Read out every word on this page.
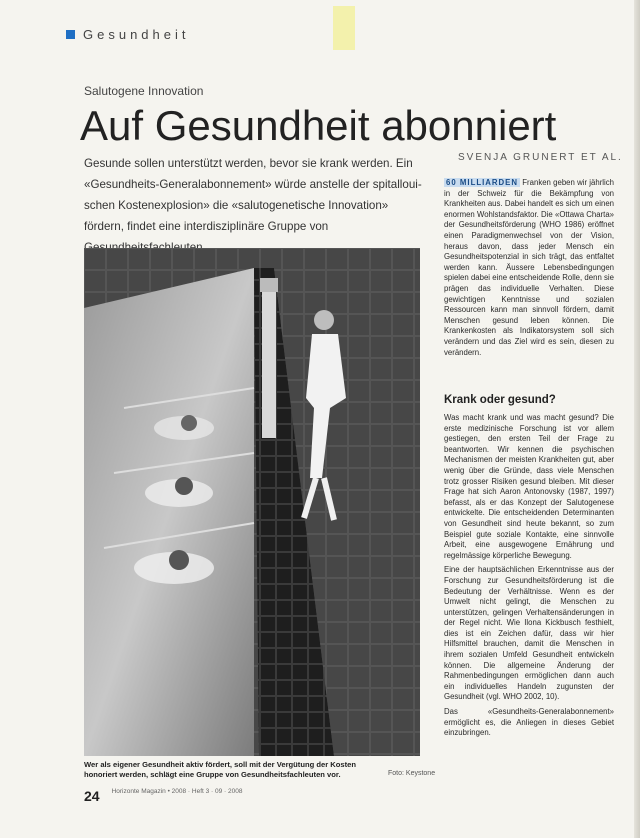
Gesundheit
Salutogene Innovation
Auf Gesundheit abonniert
SVENJA GRUNERT ET AL.
Gesunde sollen unterstützt werden, bevor sie krank werden. Ein «Gesundheits-Generalabonnement» würde anstelle der spitalloui-schen Kostenexplosion» die «salutogenetische Innovation» fördern, findet eine interdisziplinäre Gruppe von
Wer als eigener Gesundheit aktiv fördert, soll mit der Vergütung der Kosten honoriert werden, schlägt eine Gruppe von Gesundheitsfachleuten vor.	Foto: Keystone
24 Horizonte Magazin • 2008 · Heft 3 · 09 · 2008

60 MILLIARDEN Franken geben wir jährlich in der Schweiz für die Bekämpfung von Krankheiten aus. Dabei handelt es sich um einen enormen Wohlstandsfaktor. Die «Ottawa Charta» der Gesundheitsförderung (WHO 1986) eröffnet einen Paradigmenwechsel von der Vision, heraus davon, dass jeder Mensch ein Gesundheitspotenzial in sich trägt, das entfaltet werden kann. Äussere Lebensbedingungen spielen dabei eine entscheidende Rolle, denn sie prägen das individuelle Verhalten. Diese gewichtigen Kenntnisse und sozialen Ressourcen kann man sinnvoll fördern, damit Menschen gesund leben können. Die Krankenkosten als Indikatorsystem soll sich verändern und das Ziel wird es sein, diesen zu verändern.

Krank oder gesund?

Was macht krank und was macht gesund? Die erste medizinische Forschung ist vor allem gestiegen, den ersten Teil der Frage zu beantworten. Wir kennen die psychischen Mechanismen der meisten Krankheiten gut, aber wenig über die Gründe, dass viele Menschen trotz grosser Risiken gesund bleiben. Mit dieser Frage hat sich Aaron Antonovsky (1987, 1997) befasst, als er das Konzept der Salutogenese entwickelte. Die entscheidenden Determinanten von Gesundheit sind heute bekannt, so zum Beispiel gute soziale Kontakte, eine sinnvolle Arbeit, eine ausgewogene Ernährung und regelmässige körperliche Bewegung.

Eine der hauptsächlichen Erkenntnisse aus der Forschung zur Gesundheitsförderung ist die Bedeutung der Verhältnisse. Wenn es der Umwelt nicht gelingt, die Menschen zu unterstützen, gelingen Verhaltensänderungen in der Regel nicht. Wie Ilona Kickbusch festhielt, dies ist ein Zeichen dafür, dass wir hier Hilfsmittel brauchen, damit die Menschen in ihrem sozialen Umfeld Gesundheit entwickeln können. Die allgemeine Änderung der Rahmenbedingungen ermöglichen dann auch ein individuelles Handeln zugunsten der Gesundheit (vgl. WHO 2002, 10).

Das «Gesundheits-Generalabonnement» ermöglicht es, die Anliegen in dieses Gebiet einzubringen.
